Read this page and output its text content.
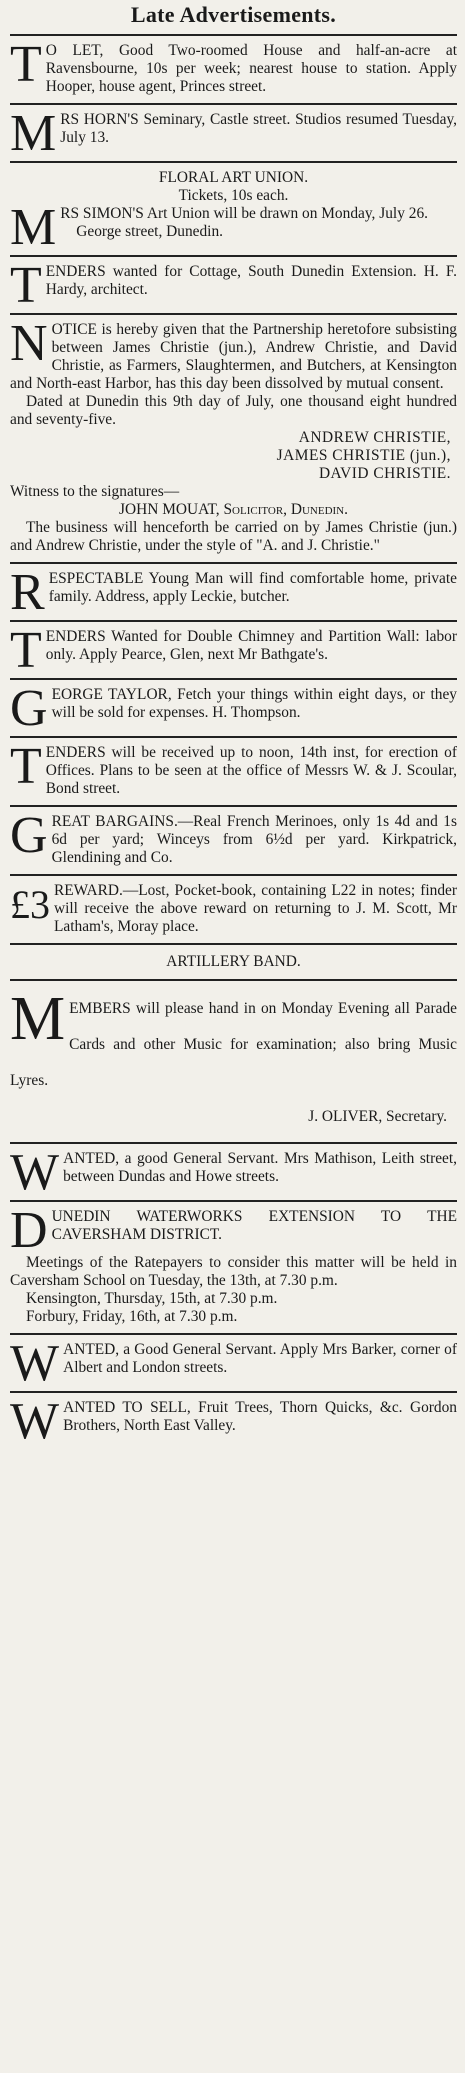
Late Advertisements.
T O LET, Good Two-roomed House and half-an-acre at Ravensbourne, 10s per week; nearest house to station. Apply Hooper, house agent, Princes street.

M RS HORN'S Seminary, Castle street. Studios resumed Tuesday, July 13.

FLORAL ART UNION.

Tickets, 10s each.

M RS SIMON'S Art Union will be drawn on Monday, July 26.

George street, Dunedin.

T ENDERS wanted for Cottage, South Dunedin Extension. H. F. Hardy, architect.

N OTICE is hereby given that the Partnership heretofore subsisting between James Christie (jun.), Andrew Christie, and David Christie, as Farmers, Slaughtermen, and Butchers, at Kensington and North-east Harbor, has this day been dissolved by mutual consent.

Dated at Dunedin this 9th day of July, one thousand eight hundred and seventy-five.

ANDREW CHRISTIE,

JAMES CHRISTIE (jun.),

DAVID CHRISTIE.

Witness to the signatures—

JOHN MOUAT, Solicitor, Dunedin.

The business will henceforth be carried on by James Christie (jun.) and Andrew Christie, under the style of "A. and J. Christie."

R ESPECTABLE Young Man will find comfortable home, private family. Address, apply Leckie, butcher.

T ENDERS Wanted for Double Chimney and Partition Wall: labor only. Apply Pearce, Glen, next Mr Bathgate's.

G EORGE TAYLOR, Fetch your things within eight days, or they will be sold for expenses. H. Thompson.

T ENDERS will be received up to noon, 14th inst, for erection of Offices. Plans to be seen at the office of Messrs W. & J. Scoular, Bond street.

G REAT BARGAINS.—Real French Merinoes, only 1s 4d and 1s 6d per yard; Winceys from 6½d per yard. Kirkpatrick, Glendining and Co.

£3 REWARD.—Lost, Pocket-book, containing L22 in notes; finder will receive the above reward on returning to J. M. Scott, Mr Latham's, Moray place.

ARTILLERY BAND.

M EMBERS will please hand in on Monday Evening all Parade Cards and other Music for examination; also bring Music Lyres.

J. OLIVER, Secretary.

W ANTED, a good General Servant. Mrs Mathison, Leith street, between Dundas and Howe streets.

D UNEDIN WATERWORKS EXTENSION TO THE CAVERSHAM DISTRICT.

Meetings of the Ratepayers to consider this matter will be held in Caversham School on Tuesday, the 13th, at 7.30 p.m.

Kensington, Thursday, 15th, at 7.30 p.m.

Forbury, Friday, 16th, at 7.30 p.m.

W ANTED, a Good General Servant. Apply Mrs Barker, corner of Albert and London streets.

W ANTED TO SELL, Fruit Trees, Thorn Quicks, &c. Gordon Brothers, North East Valley.
